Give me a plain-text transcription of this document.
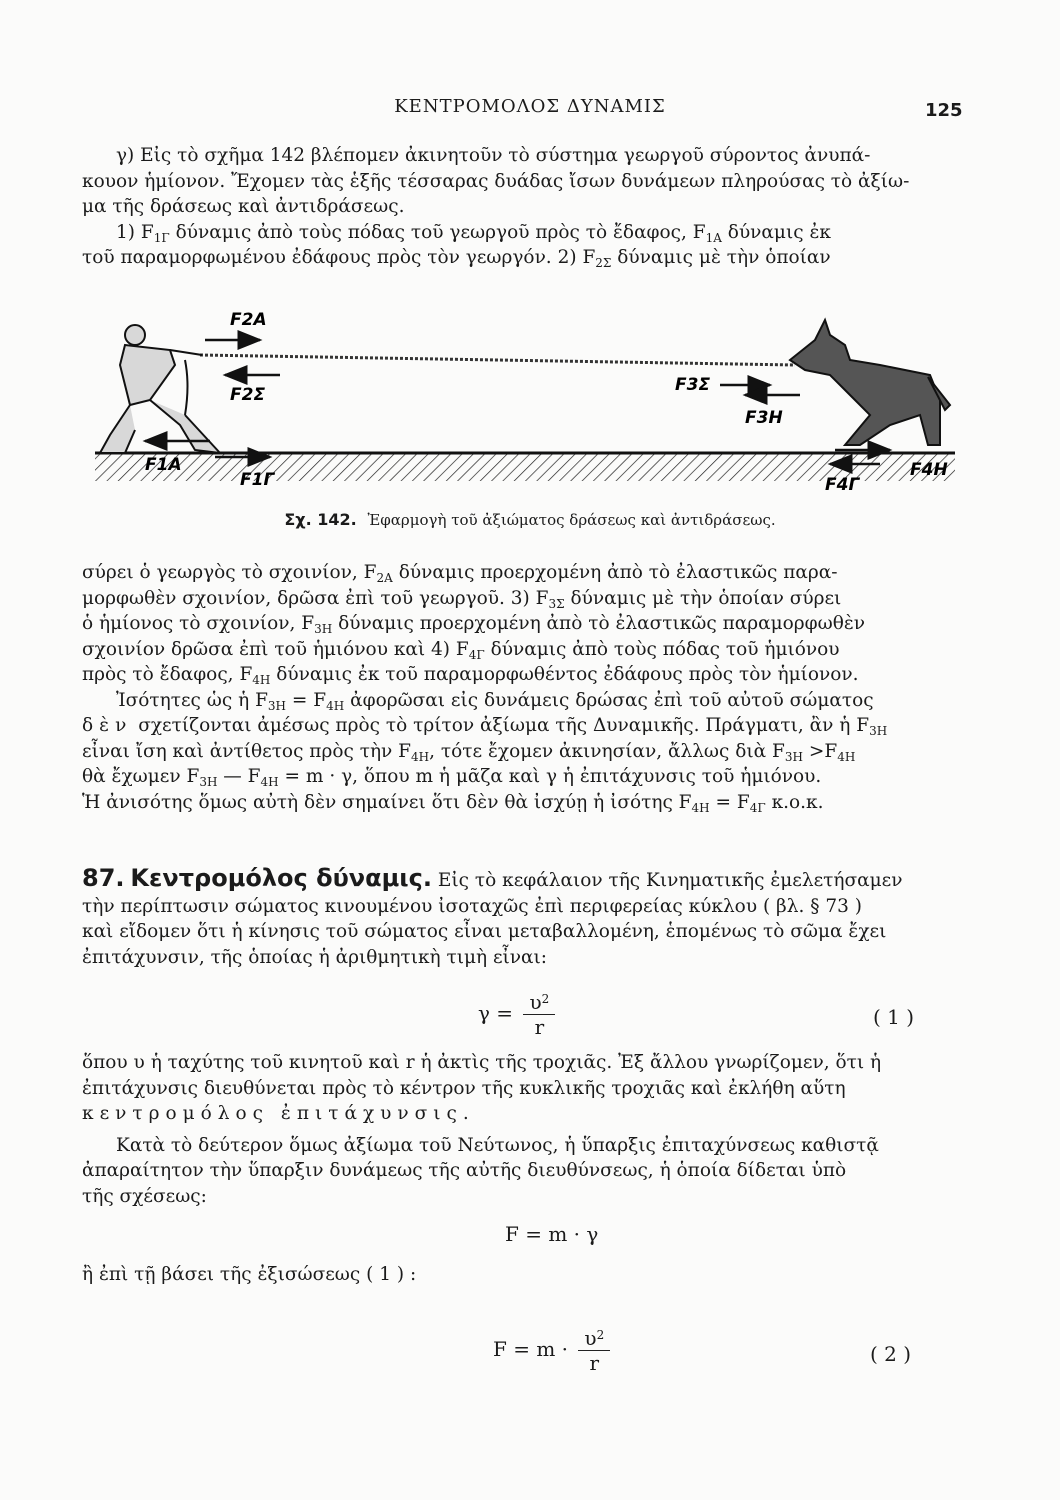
ΚΕΝΤΡΟΜΟΛΟΣ ΔΥΝΑΜΙΣ	125

γ) Εἰς τὸ σχῆμα 142 βλέπομεν ἀκινητοῦν τὸ σύστημα γεωργοῦ σύροντος ἀνυπά-

κουον ἡμίονον. Ἔχομεν τὰς ἑξῆς τέσσαρας δυάδας ἴσων δυνάμεων πληρούσας τὸ ἀξίω-

μα τῆς δράσεως καὶ ἀντιδράσεως.

1) $F_{1\Gamma}$ δύναμις ἀπὸ τοὺς πόδας τοῦ γεωργοῦ πρὸς τὸ ἔδαφος, $F_{1A}$ δύναμις ἐκ

τοῦ παραμορφωμένου ἐδάφους πρὸς τὸν γεωργόν. 2) $F_{2\Sigma}$ δύναμις μὲ τὴν ὁποίαν

F2A
F2Σ	F3Σ
F3H
F1A
F1Γ	F4Γ
F4H
Σχ. 142. Ἐφαρμογὴ τοῦ ἀξιώματος δράσεως καὶ ἀντιδράσεως.

σύρει ὁ γεωργὸς τὸ σχοινίον, $F_{2A}$ δύναμις προερχομένη ἀπὸ τὸ ἐλαστικῶς παρα-

μορφωθὲν σχοινίον, δρῶσα ἐπὶ τοῦ γεωργοῦ. 3) $F_{3\Sigma}$ δύναμις μὲ τὴν ὁποίαν σύρει

ὁ ἡμίονος τὸ σχοινίον, $F_{3H}$ δύναμις προερχομένη ἀπὸ τὸ ἐλαστικῶς παραμορφωθὲν

σχοινίον δρῶσα ἐπὶ τοῦ ἡμιόνου καὶ 4) $F_{4\Gamma}$ δύναμις ἀπὸ τοὺς πόδας τοῦ ἡμιόνου

πρὸς τὸ ἔδαφος, $F_{4H}$ δύναμις ἐκ τοῦ παραμορφωθέντος ἐδάφους πρὸς τὸν ἡμίονον.

Ἰσότητες ὡς ἡ $F_{3H} = F_{4H}$ ἀφορῶσαι εἰς δυνάμεις δρώσας ἐπὶ τοῦ αὐτοῦ σώματος

δὲν σχετίζονται ἀμέσως πρὸς τὸ τρίτον ἀξίωμα τῆς Δυναμικῆς. Πράγματι, ἂν ἡ $F_{3H}$

εἶναι ἴση καὶ ἀντίθετος πρὸς τὴν $F_{4H}$, τότε ἔχομεν ἀκινησίαν, ἄλλως διὰ $F_{3H} >F_{4H}$

θὰ ἔχωμεν $F_{3H}$ — $F_{4H} = m \cdot \gamma$, ὅπου m ἡ μᾶζα καὶ γ ἡ ἐπιτάχυνσις τοῦ ἡμιόνου.

Ἡ ἀνισότης ὅμως αὐτὴ δὲν σημαίνει ὅτι δὲν θὰ ἰσχύῃ ἡ ἰσότης $F_{4H} = F_{4\Gamma}$ κ.ο.κ.

87. Κεντρομόλος δύναμις. Εἰς τὸ κεφάλαιον τῆς Κινηματικῆς ἐμελετήσαμεν

τὴν περίπτωσιν σώματος κινουμένου ἰσοταχῶς ἐπὶ περιφερείας κύκλου ( βλ. § 73 )

καὶ εἴδομεν ὅτι ἡ κίνησις τοῦ σώματος εἶναι μεταβαλλομένη, ἑπομένως τὸ σῶμα ἔχει

ἐπιτάχυνσιν, τῆς ὁποίας ἡ ἀριθμητικὴ τιμὴ εἶναι:

$\gamma = \frac{\upsilon^2}{r}$	( 1 )

ὅπου υ ἡ ταχύτης τοῦ κινητοῦ καὶ r ἡ ἀκτὶς τῆς τροχιᾶς. Ἐξ ἄλλου γνωρίζομεν, ὅτι ἡ

ἐπιτάχυνσις διευθύνεται πρὸς τὸ κέντρον τῆς κυκλικῆς τροχιᾶς καὶ ἐκλήθη αὕτη

κεντρομόλος ἐπιτάχυνσις.

Κατὰ τὸ δεύτερον ὅμως ἀξίωμα τοῦ Νεύτωνος, ἡ ὕπαρξις ἐπιταχύνσεως καθιστᾷ

ἀπαραίτητον τὴν ὕπαρξιν δυνάμεως τῆς αὐτῆς διευθύνσεως, ἡ ὁποία δίδεται ὑπὸ

τῆς σχέσεως:

F = m · γ

ἢ ἐπὶ τῇ βάσει τῆς ἐξισώσεως ( 1 ) :

$F = m \cdot \frac{\upsilon^2}{r}$	( 2 )
